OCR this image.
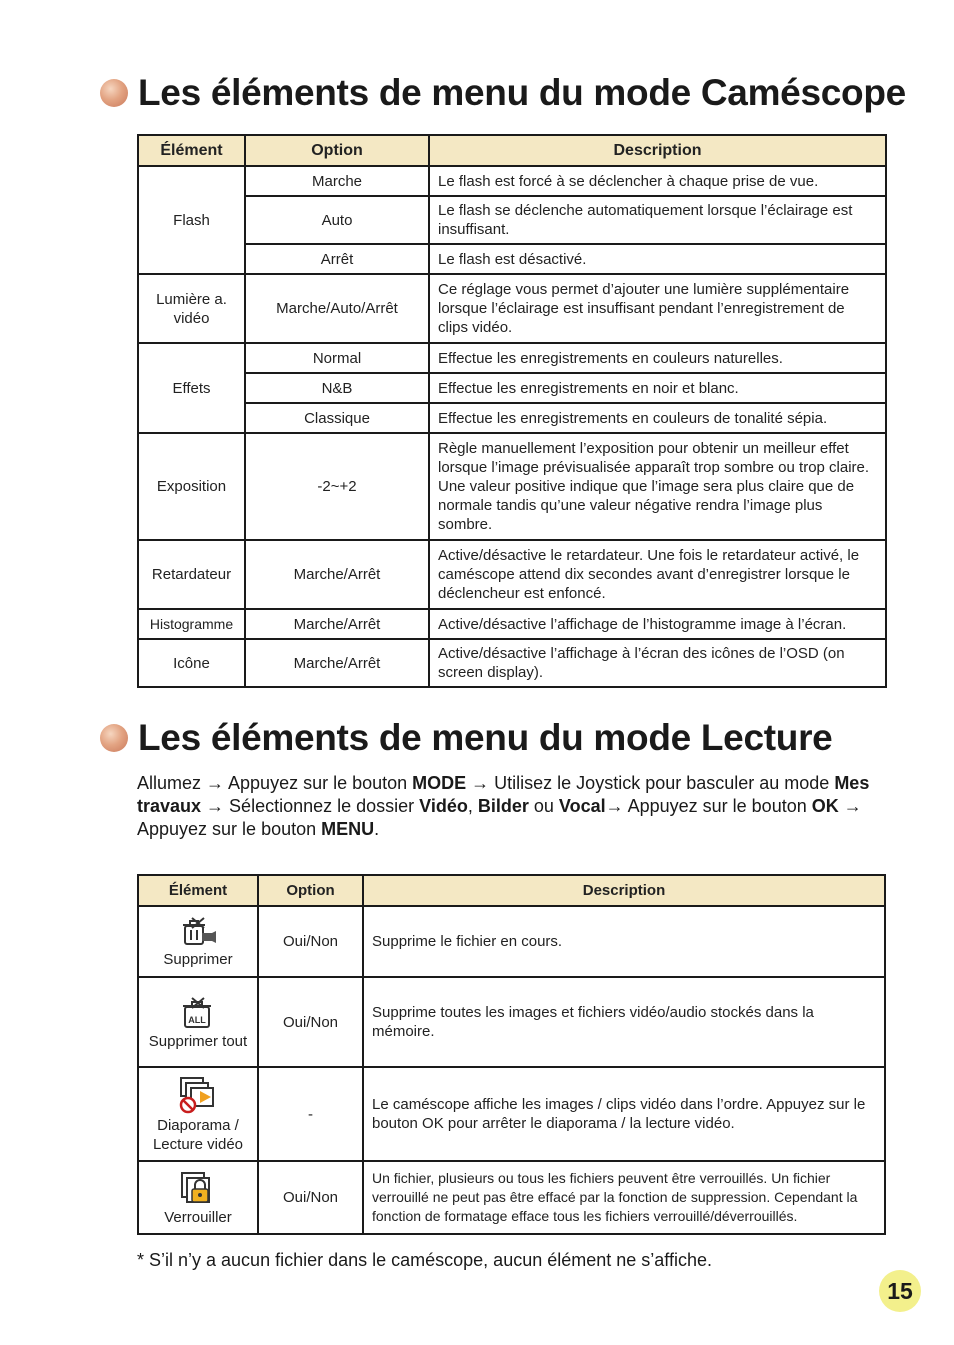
Les éléments de menu du mode Caméscope
Élément	Option	Description
Flash	Marche	Le flash est forcé à se déclencher à chaque prise de vue.
	Auto	Le flash se déclenche automatiquement lorsque l’éclairage est insuffisant.
	Arrêt	Le flash est désactivé.
Lumière a. vidéo	Marche/Auto/Arrêt	Ce réglage vous permet d’ajouter une lumière supplémentaire lorsque l’éclairage est insuffisant pendant l’enregistrement de clips vidéo.
Effets	Normal	Effectue les enregistrements en couleurs naturelles.
	N&B	Effectue les enregistrements en noir et blanc.
	Classique	Effectue les enregistrements en couleurs de tonalité sépia.
Exposition	-2~+2	Règle manuellement l’exposition pour obtenir un meilleur effet lorsque l’image prévisualisée apparaît trop sombre ou trop claire. Une valeur positive indique que l’image sera plus claire que de normale tandis qu’une valeur négative rendra l’image plus sombre.
Retardateur	Marche/Arrêt	Active/désactive le retardateur. Une fois le retardateur activé, le caméscope attend dix secondes avant d’enregistrer lorsque le déclencheur est enfoncé.
Histogramme	Marche/Arrêt	Active/désactive l’affichage de l’histogramme image à l’écran.
Icône	Marche/Arrêt	Active/désactive l’affichage à l’écran des icônes de l’OSD (on screen display).
Les éléments de menu du mode Lecture

Allumez → Appuyez sur le bouton MODE → Utilisez le Joystick pour basculer au mode Mes travaux → Sélectionnez le dossier Vidéo, Bilder ou Vocal→ Appuyez sur le bouton OK → Appuyez sur le bouton MENU.

Élément	Option	Description

Supprimer	Oui/Non	Supprime le fichier en cours.

ALL
Supprimer tout	Oui/Non	Supprime toutes les images et fichiers vidéo/audio stockés dans la mémoire.

Diaporama / Lecture vidéo	-	Le caméscope affiche les images / clips vidéo dans l’ordre. Appuyez sur le bouton OK pour arrêter le diaporama / la lecture vidéo.

Verrouiller	Oui/Non	Un fichier, plusieurs ou tous les fichiers peuvent être verrouillés. Un fichier verrouillé ne peut pas être effacé par la fonction de suppression. Cependant la fonction de formatage efface tous les fichiers verrouillé/déverrouillés.

* S’il n’y a aucun fichier dans le caméscope, aucun élément ne s’affiche.

15
